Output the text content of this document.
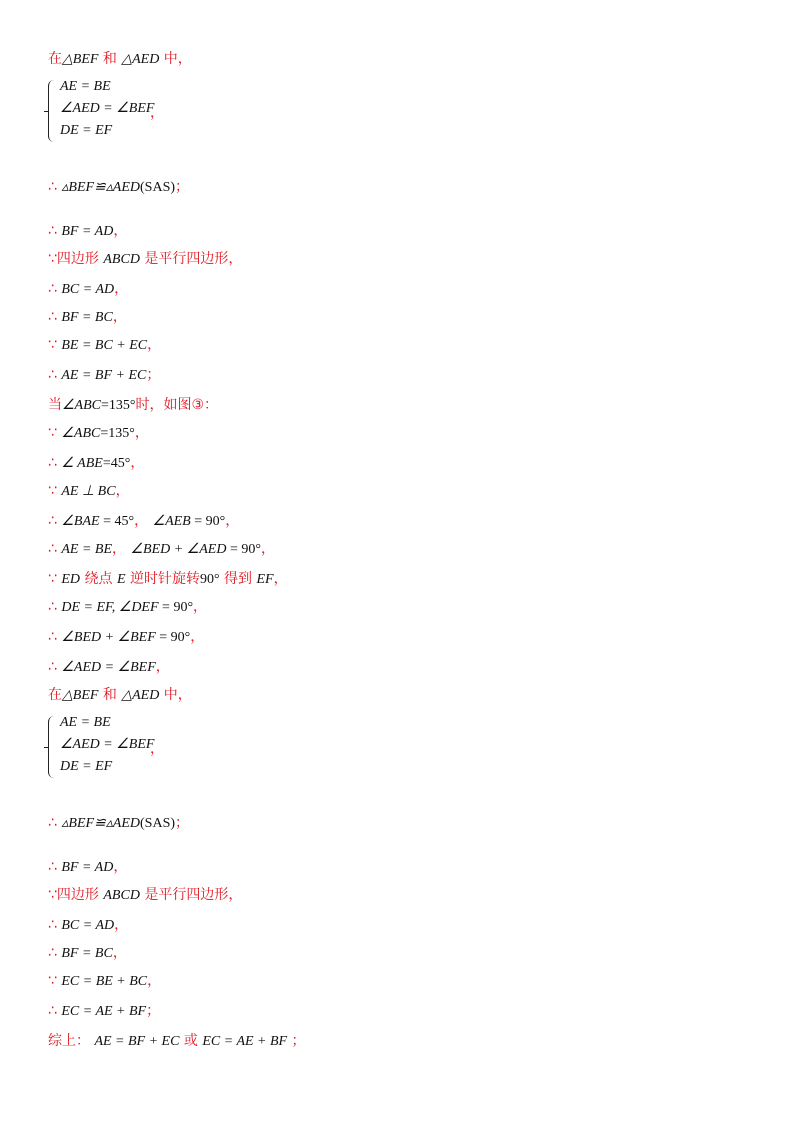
在△BEF 和 △AED 中，
∴ ▵BEF≌▵AED(SAS)；
∴ BF = AD，
∵四边形 ABCD 是平行四边形，
∴ BC = AD，
∴ BF = BC，
∵ BE = BC + EC，
∴ AE = BF + EC；
当∠ABC=135°时，如图③：
∵ ∠ABC=135°，
∴ ∠ ABE=45°，
∵ AE ⊥ BC，
∴ ∠BAE = 45°， ∠AEB = 90°，
∴ AE = BE， ∠BED + ∠AED = 90°，
∵ ED 绕点 E 逆时针旋转90° 得到 EF，
∴ DE = EF, ∠DEF = 90°，
∴ ∠BED + ∠BEF = 90°，
∴ ∠AED = ∠BEF，
在△BEF 和 △AED 中，
∴ ▵BEF≌▵AED(SAS)；
∴ BF = AD，
∵四边形 ABCD 是平行四边形，
∴ BC = AD，
∴ BF = BC，
∵ EC = BE + BC，
∴ EC = AE + BF；
综上： AE = BF + EC 或 EC = AE + BF ；
AE = BE
∠AED = ∠BEF
DE = EF
，
AE = BE
∠AED = ∠BEF
DE = EF
，
